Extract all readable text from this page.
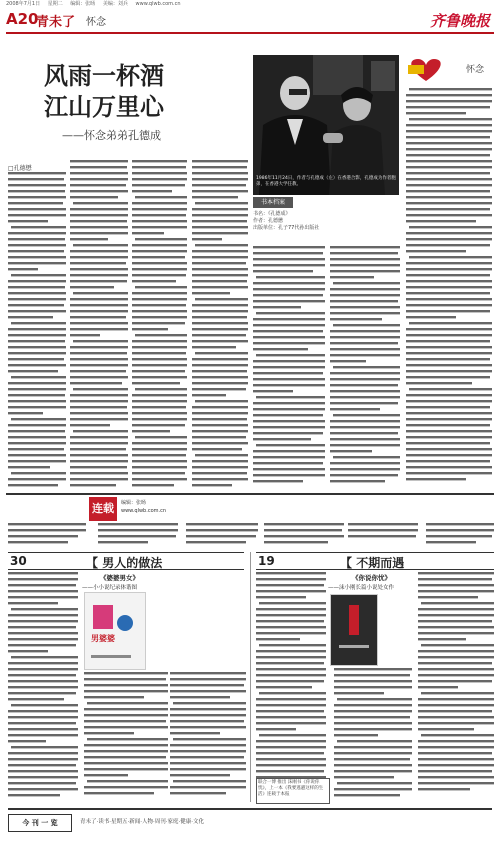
2008年7月1日 星期二 编辑：张旸 美编：刘兵 www.qlwb.com.cn
A20
青未了 怀念	齐鲁晚报
风雨一杯酒
江山万里心
——怀念弟弟孔德成
□孔德懋
1986年11月24日，作者与孔德成（左）在香港合影，孔德成为作者胞弟，在香港大学任教。
书本档案
书名：《孔德成》
作者：孔德懋
出版单位：孔子77代孙出版社
怀念
连载	编辑：张旸
www.qlwb.com.cn
30	【 男人的做法
《婆婆男女》
——小小说纪录体谐图
男婆婆
19	【 不期而遇
《你说你忧》
——沫小刚长篇小说处女作
联合一博 推出 沫刚书《你说你忧》，上一本《我要逃避这样的生活》连载于本报
今 刊 一 览	青未了·读书·星期五·新闻·人物·周刊·家庭·健康·文化
